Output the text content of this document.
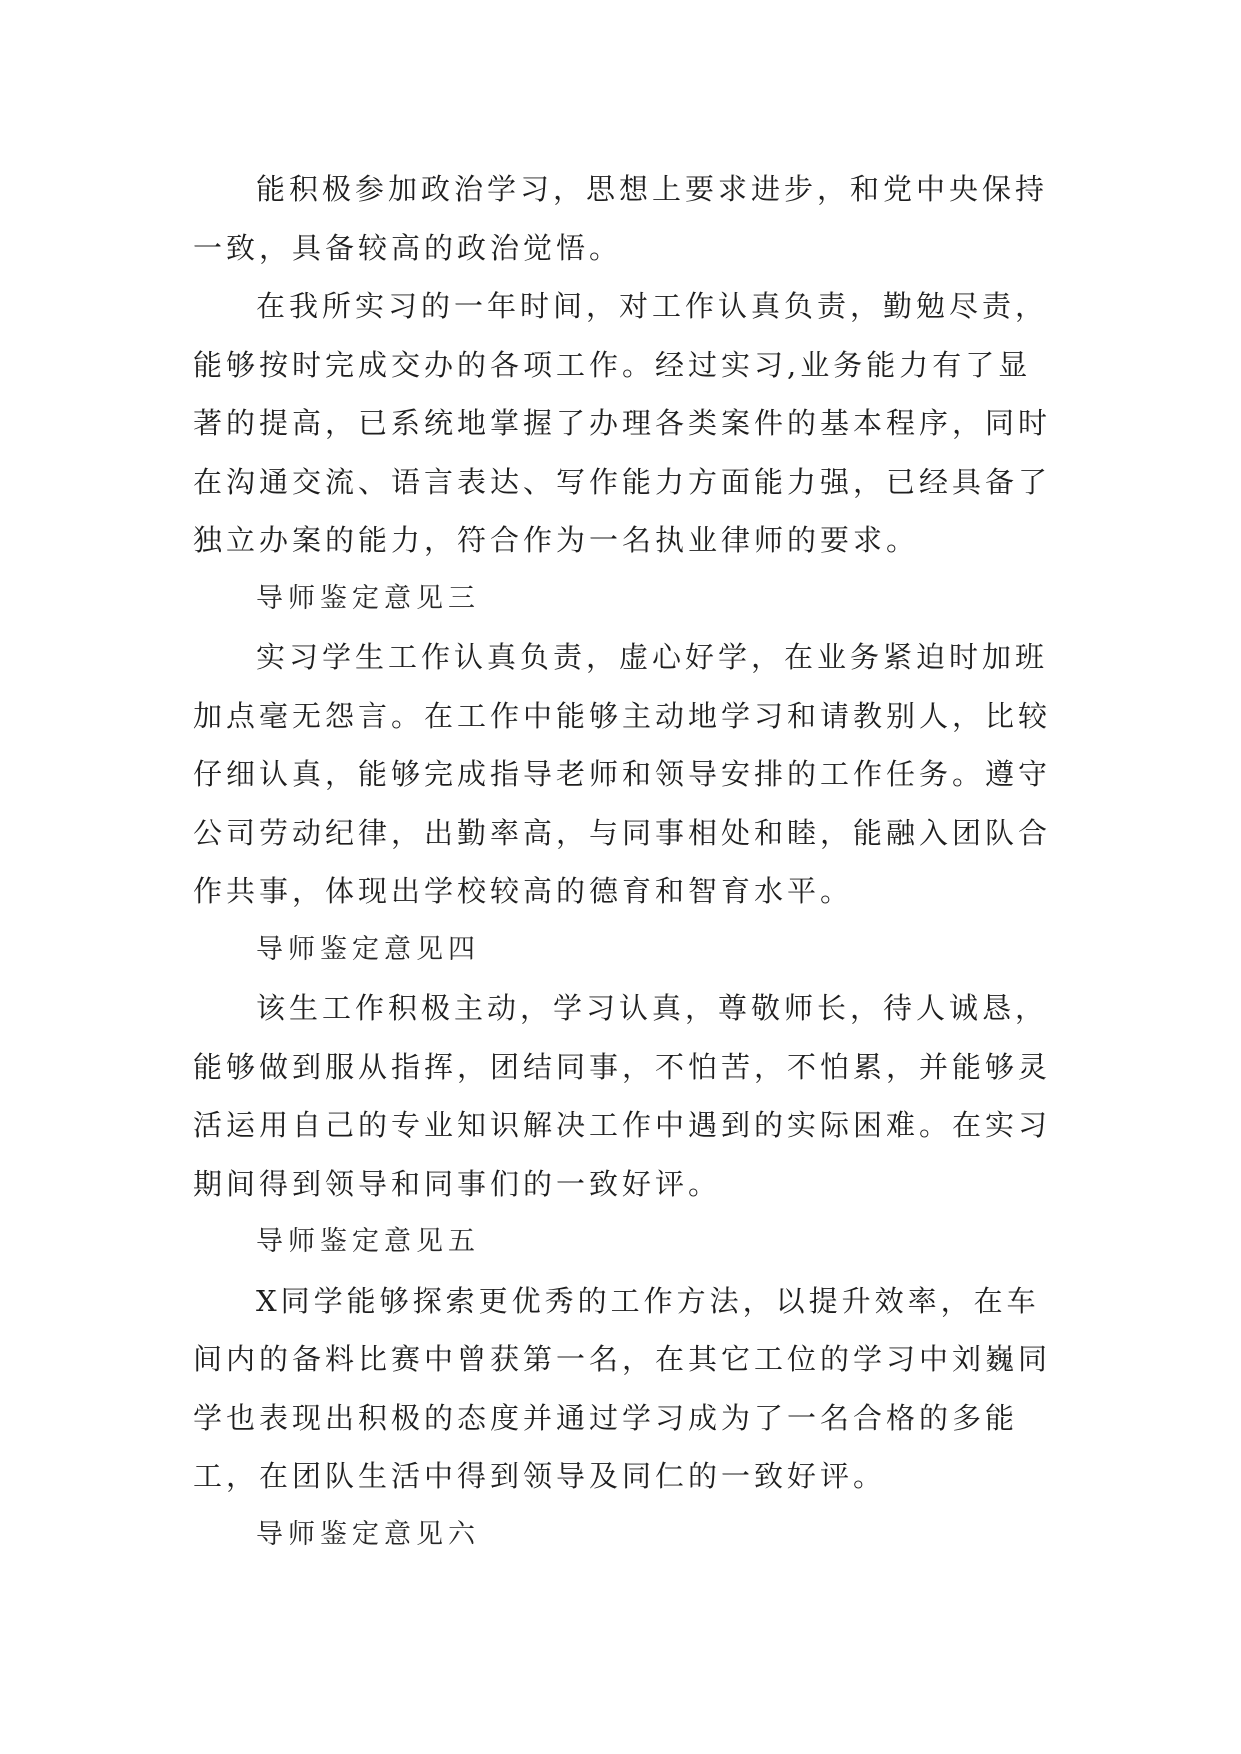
能积极参加政治学习，思想上要求进步，和党中央保持
一致，具备较高的政治觉悟。
在我所实习的一年时间，对工作认真负责，勤勉尽责，
能够按时完成交办的各项工作。经过实习,业务能力有了显
著的提高，已系统地掌握了办理各类案件的基本程序，同时
在沟通交流、语言表达、写作能力方面能力强，已经具备了
独立办案的能力，符合作为一名执业律师的要求。
导师鉴定意见三
实习学生工作认真负责，虚心好学，在业务紧迫时加班
加点毫无怨言。在工作中能够主动地学习和请教别人，比较
仔细认真，能够完成指导老师和领导安排的工作任务。遵守
公司劳动纪律，出勤率高，与同事相处和睦，能融入团队合
作共事，体现出学校较高的德育和智育水平。
导师鉴定意见四
该生工作积极主动，学习认真，尊敬师长，待人诚恳，
能够做到服从指挥，团结同事，不怕苦，不怕累，并能够灵
活运用自己的专业知识解决工作中遇到的实际困难。在实习
期间得到领导和同事们的一致好评。
导师鉴定意见五
X同学能够探索更优秀的工作方法，以提升效率，在车
间内的备料比赛中曾获第一名，在其它工位的学习中刘巍同
学也表现出积极的态度并通过学习成为了一名合格的多能
工，在团队生活中得到领导及同仁的一致好评。
导师鉴定意见六
